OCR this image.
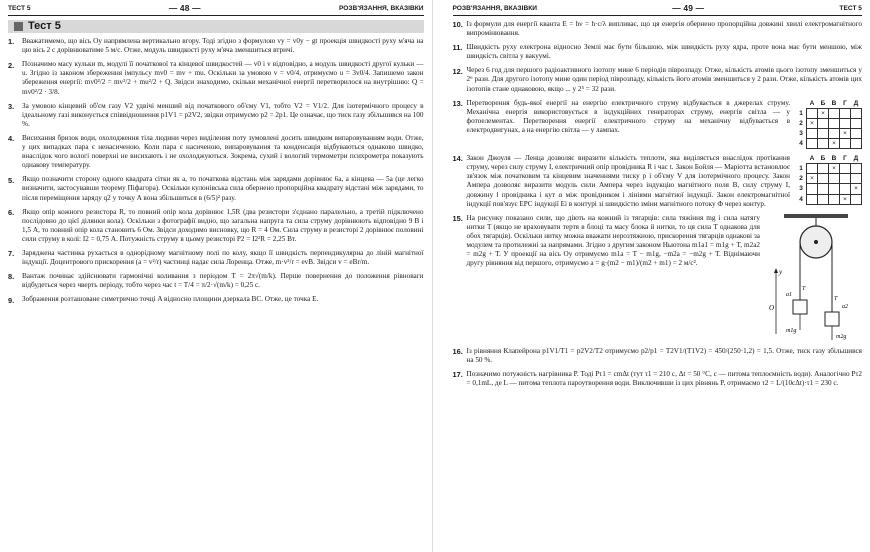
ТЕСТ 5	— 48 —	РОЗВ'ЯЗАННЯ, ВКАЗІВКИ
Тест 5
1.	Вважатимемо, що вісь Oy напрямлена вертикально вгору. Тоді згідно з формулою vy = v0y − gt проекція швидкості руху м'яча на цю вісь 2 с дорівнюватиме 5 м/с. Отже, модуль швидкості руху м'яча зменшиться втричі.
2.	Позначимо масу кульки m, модулі її початкової та кінцевої швидкостей — v0 і v відповідно, а модуль швидкості другої кульки — u. Згідно із законом збереження імпульсу mv0 = mv + mu. Оскільки за умовою v = v0/4, отримуємо u = 3v0/4. Запишемо закон збереження енергії: mv0²/2 = mv²/2 + mu²/2 + Q. Звідси знаходимо, скільки механічної енергії перетворилося на внутрішню: Q = mv0²/2 · 3/8.
3.	За умовою кінцевий об'єм газу V2 удвічі менший від початкового об'єму V1, тобто V2 = V1/2. Для ізотермічного процесу в ідеальному газі виконується співвідношення p1V1 = p2V2, звідки отримуємо p2 = 2p1. Це означає, що тиск газу збільшився на 100 %.
4.	Висихання бризок води, охолодження тіла людини через виділення поту зумовлені досить швидким випаровуванням води. Отже, у цих випадках пара є ненасиченою. Коли пара є насиченою, випаровування та конденсація відбуваються однаково швидко, внаслідок чого вологі поверхні не висихають і не охолоджуються. Зокрема, сухий і вологий термометри психрометра показують однакову температуру.
5.	Якщо позначити сторону одного квадрата сітки як a, то початкова відстань між зарядами дорівнює 6a, а кінцева — 5a (це легко визначити, застосувавши теорему Піфагора). Оскільки кулонівська сила обернено пропорційна квадрату відстані між зарядами, то після переміщення заряду q2 у точку A вона збільшиться в (6/5)² разу.
6.	Якщо опір кожного резистора R, то повний опір кола дорівнює 1,5R (два резистори з'єднано паралельно, а третій підключено послідовно до цієї ділянки кола). Оскільки з фотографії видно, що загальна напруга та сила струму дорівнюють відповідно 9 В і 1,5 А, то повний опір кола становить 6 Ом. Звідси доходимо висновку, що R = 4 Ом. Сила струму в резисторі 2 дорівнює половині сили струму в колі: I2 = 0,75 А. Потужність струму в цьому резисторі P2 = I2²R = 2,25 Вт.
7.	Заряджена частинка рухається в однорідному магнітному полі по колу, якщо її швидкість перпендикулярна до ліній магнітної індукції. Доцентрового прискорення (a = v²/r) частинці надає сила Лоренца. Отже, m·v²/r = evB. Звідси v = eBr/m.
8.	Вантаж починає здійснювати гармонічні коливання з періодом T = 2π√(m/k). Перше повернення до положення рівноваги відбудеться через чверть періоду, тобто через час t = T/4 = π/2·√(m/k) = 0,25 с.
9.	Зображення розташоване симетрично точці A відносно площини дзеркала BC. Отже, це точка E.
РОЗВ'ЯЗАННЯ, ВКАЗІВКИ	— 49 —	ТЕСТ 5
10. Із формули для енергії кванта E = hν = h·c/λ випливає, що ця енергія обернено пропорційна довжині хвилі електромагнітного випромінювання.
11. Швидкість руху електрона відносно Землі має бути більшою, між швидкість руху ядра, проте вона має бути меншою, між швидкість світла у вакуумі.
12. Через 6 год для першого радіоактивного ізотопу мине 6 періодів піврозпаду. Отже, кількість атомів цього ізотопу зменшиться у 2⁶ рази. Для другого ізотопу мине один період піврозпаду, кількість його атомів зменшиться у 2 рази. Отже, кількість атомів цих ізотопів стане однаковою, якщо ... у 2⁵ = 32 рази.
13. Перетворення будь-якої енергії на енергію електричного струму відбувається в джерелах струму. Механічна енергія використовується в індукційних генераторах струму, енергія світла — у фотоелементах. Перетворення енергії електричного струму на механічну відбувається в електродвигунах, а на енергію світла — у лампах.
	А	Б	В	Г	Д
1		×			
2	×				
3				×	
4			×		
14. Закон Джоуля — Ленца дозволяє виразити кількість теплоти, яка виділяється внаслідок протікання струму, через силу струму I, електричний опір провідника R і час t. Закон Бойля — Маріотта встановлює зв'язок між початковим та кінцевим значеннями тиску p і об'єму V для ізотермічного процесу. Закон Ампера дозволяє виразити модуль сили Ампера через індукцію магнітного поля B, силу струму I, довжину l провідника і кут α між провідником і лініями магнітної індукції. Закон електромагнітної індукції пов'язує ЕРС індукції Ei в контурі зі швидкістю зміни магнітного потоку Ф через контур.
	А	Б	В	Г	Д
1			×		
2	×				
3					×
4				×	
15. На рисунку показано сили, що діють на кожний із тягарців: сила тяжіння mg і сила натягу нитки T (якщо не враховувати тертя в блоці та масу блока й нитки, то ця сила T однакова для обох тягарців). Оскільки нитку можна вважати нерозтяжною, прискорення тягарців однакові за модулем та протилежні за напрямами. Згідно з другим законом Ньютона m1a1 = m1g + T, m2a2 = m2g + T. У проекції на вісь Oy отримуємо m1a = T − m1g, −m2a = −m2g + T. Віднімаючи другу рівняння від першого, отримуємо a = g·(m2 − m1)/(m2 + m1) = 2 м/с².
O
y
a1
a2
T
T
m1g
m2g
16. Із рівняння Клапейрона p1V1/T1 = p2V2/T2 отримуємо p2/p1 = T2V1/(T1V2) = 450/(250·1,2) = 1,5. Отже, тиск газу збільшився на 50 %.
17. Позначимо потужність нагрівника P. Тоді Pτ1 = cmΔt (тут τ1 = 210 с, Δt = 50 °C, c — питома теплоємність води). Аналогічно Pτ2 = 0,1mL, де L — питома теплота пароутворення води. Виключивши із цих рівнянь P, отримаємо τ2 = L/(10cΔt)·τ1 = 230 с.
